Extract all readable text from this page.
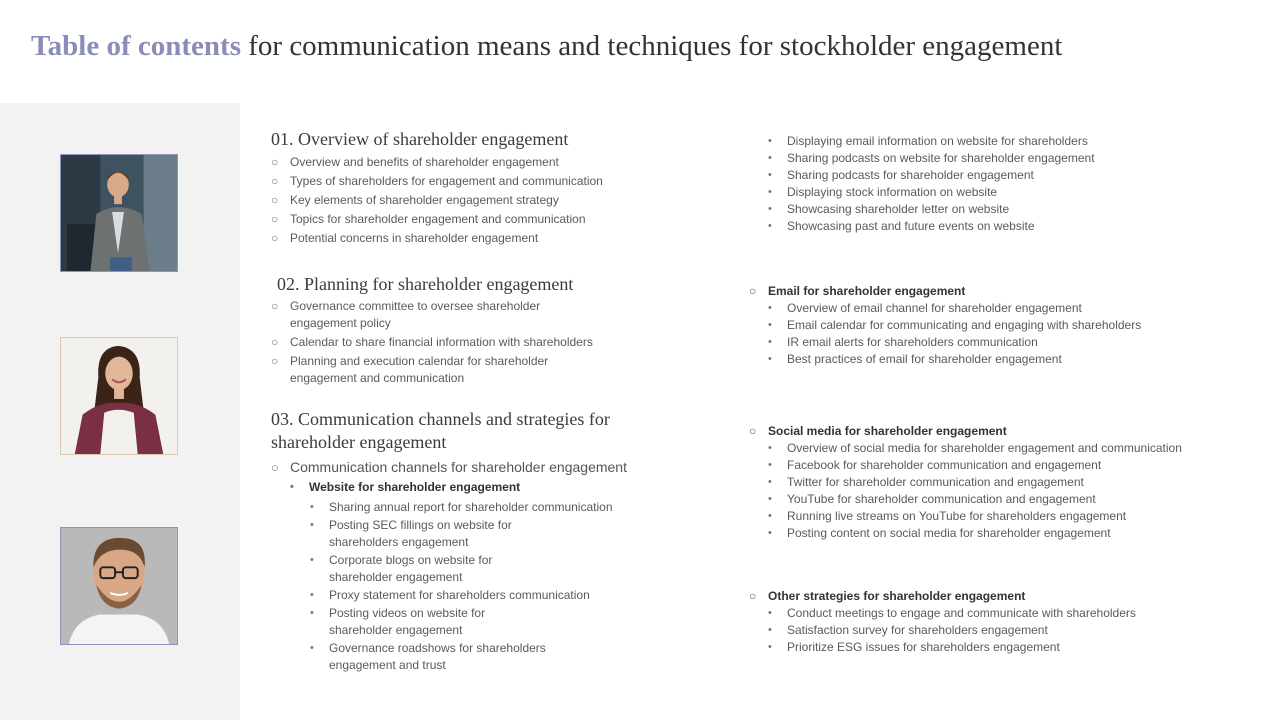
Table of contents for communication means and techniques for stockholder engagement
01. Overview of shareholder engagement
○ Overview and benefits of shareholder engagement
○ Types of shareholders for engagement and communication
○ Key elements of shareholder engagement strategy
○ Topics for shareholder engagement and communication
○ Potential concerns in shareholder engagement
02. Planning for shareholder engagement
○ Governance committee to oversee shareholder engagement policy
○ Calendar to share financial information with shareholders
○ Planning and execution calendar for shareholder engagement and communication
03. Communication channels and strategies for
shareholder engagement
○ Communication channels for shareholder engagement
• Website for shareholder engagement
• Sharing annual report for shareholder communication
• Posting SEC fillings on website for shareholders engagement
• Corporate blogs on website for shareholder engagement
• Proxy statement for shareholders communication
• Posting videos on website for shareholder engagement
• Governance roadshows for shareholders engagement and trust
• Displaying email information on website for shareholders
• Sharing podcasts on website for shareholder engagement
• Sharing podcasts for shareholder engagement
• Displaying stock information on website
• Showcasing shareholder letter on website
• Showcasing past and future events on website
○ Email for shareholder engagement
• Overview of email channel for shareholder engagement
• Email calendar for communicating and engaging with shareholders
• IR email alerts for shareholders communication
• Best practices of email for shareholder engagement
○ Social media for shareholder engagement
• Overview of social media for shareholder engagement and communication
• Facebook for shareholder communication and engagement
• Twitter for shareholder communication and engagement
• YouTube for shareholder communication and engagement
• Running live streams on YouTube for shareholders engagement
• Posting content on social media for shareholder engagement
○ Other strategies for shareholder engagement
• Conduct meetings to engage and communicate with shareholders
• Satisfaction survey for shareholders engagement
• Prioritize ESG issues for shareholders engagement
